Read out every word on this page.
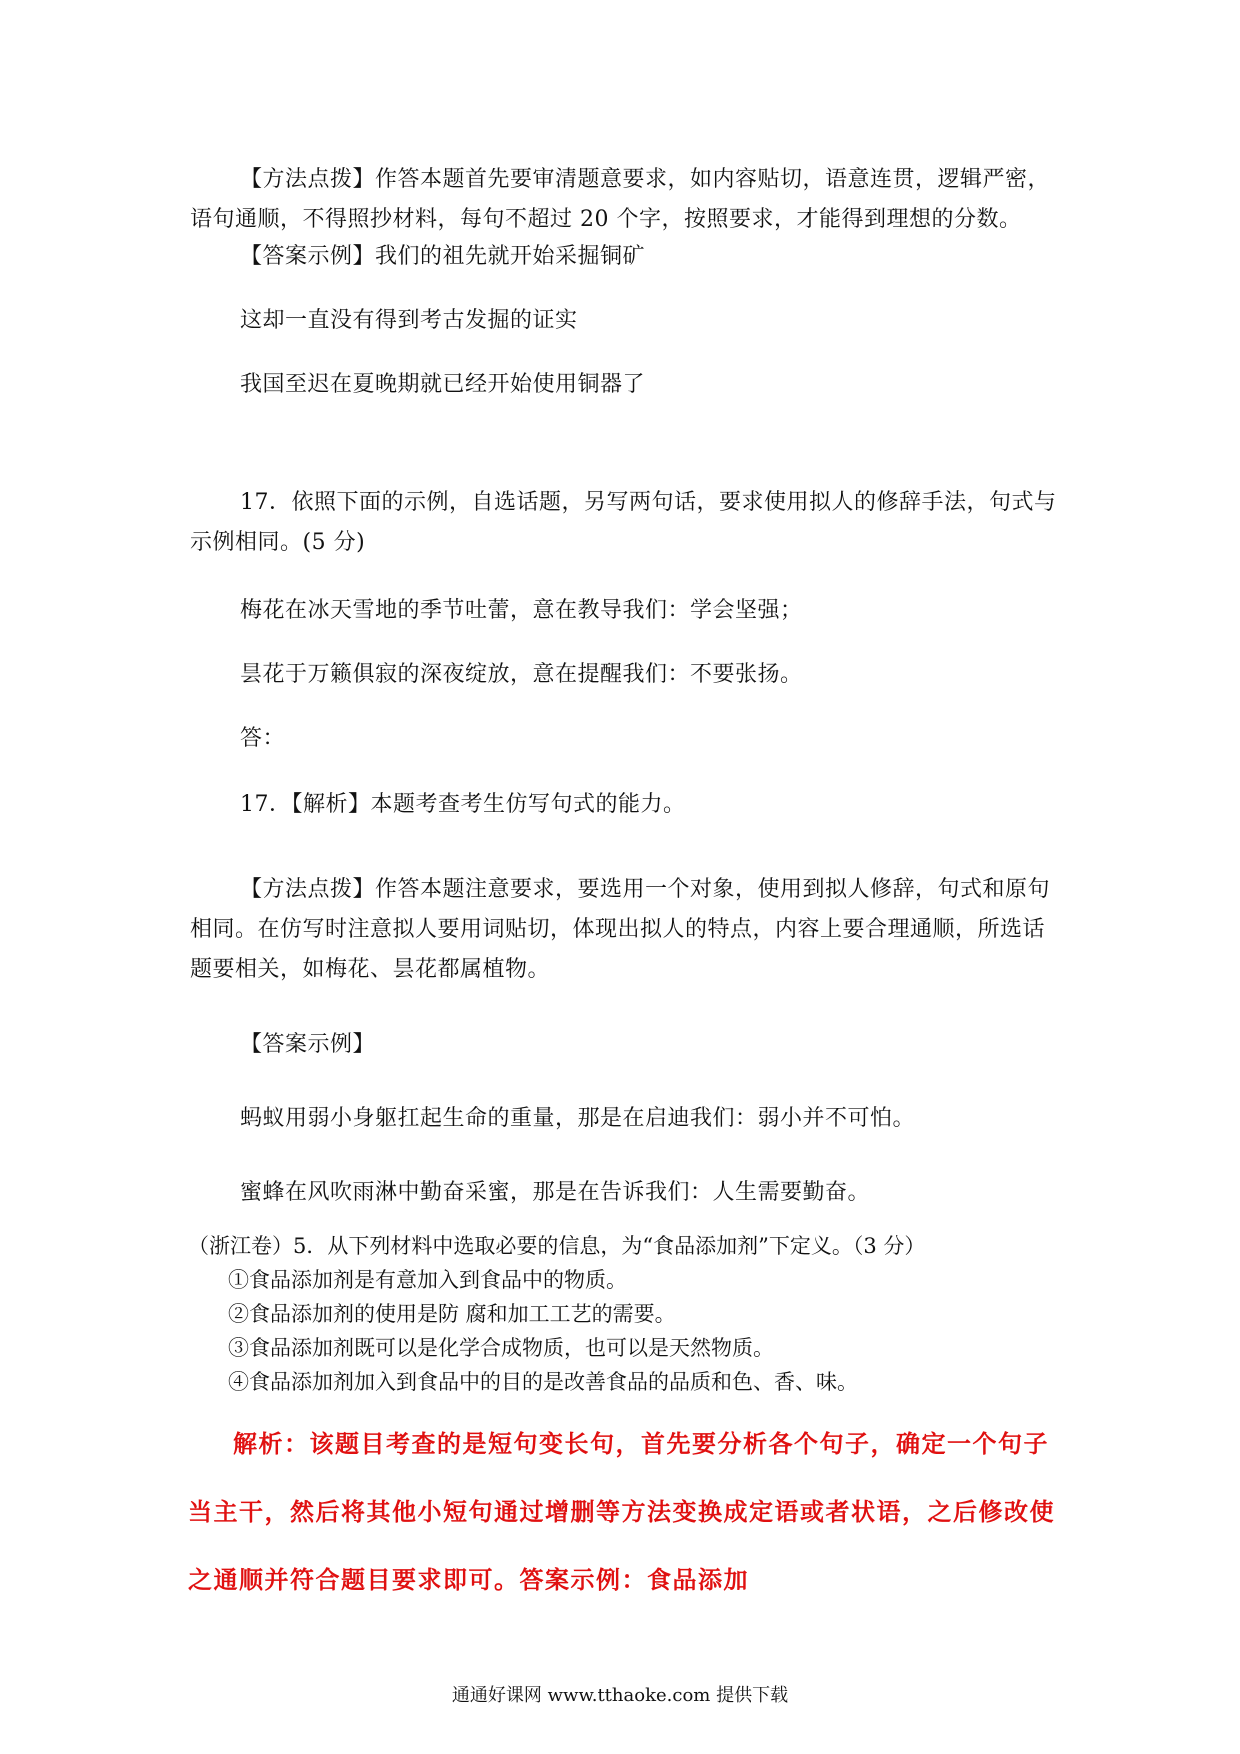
【方法点拨】作答本题首先要审清题意要求，如内容贴切，语意连贯，逻辑严密，语句通顺，不得照抄材料，每句不超过 20 个字，按照要求，才能得到理想的分数。
【答案示例】我们的祖先就开始采掘铜矿
这却一直没有得到考古发掘的证实
我国至迟在夏晚期就已经开始使用铜器了
17．依照下面的示例，自选话题，另写两句话，要求使用拟人的修辞手法，句式与示例相同。(5 分)
梅花在冰天雪地的季节吐蕾，意在教导我们：学会坚强；
昙花于万籁俱寂的深夜绽放，意在提醒我们：不要张扬。
答：
17．【解析】本题考查考生仿写句式的能力。
【方法点拨】作答本题注意要求，要选用一个对象，使用到拟人修辞，句式和原句相同。在仿写时注意拟人要用词贴切，体现出拟人的特点，内容上要合理通顺，所选话题要相关，如梅花、昙花都属植物。
【答案示例】
蚂蚁用弱小身躯扛起生命的重量，那是在启迪我们：弱小并不可怕。
蜜蜂在风吹雨淋中勤奋采蜜，那是在告诉我们：人生需要勤奋。
（浙江卷）5．从下列材料中选取必要的信息，为“食品添加剂”下定义。（3 分）
①食品添加剂是有意加入到食品中的物质。
②食品添加剂的使用是防 腐和加工工艺的需要。
③食品添加剂既可以是化学合成物质，也可以是天然物质。
④食品添加剂加入到食品中的目的是改善食品的品质和色、香、味。
解析：该题目考查的是短句变长句，首先要分析各个句子，确定一个句子当主干，然后将其他小短句通过增删等方法变换成定语或者状语，之后修改使之通顺并符合题目要求即可。答案示例：食品添加
通通好课网 www.tthaoke.com 提供下载
